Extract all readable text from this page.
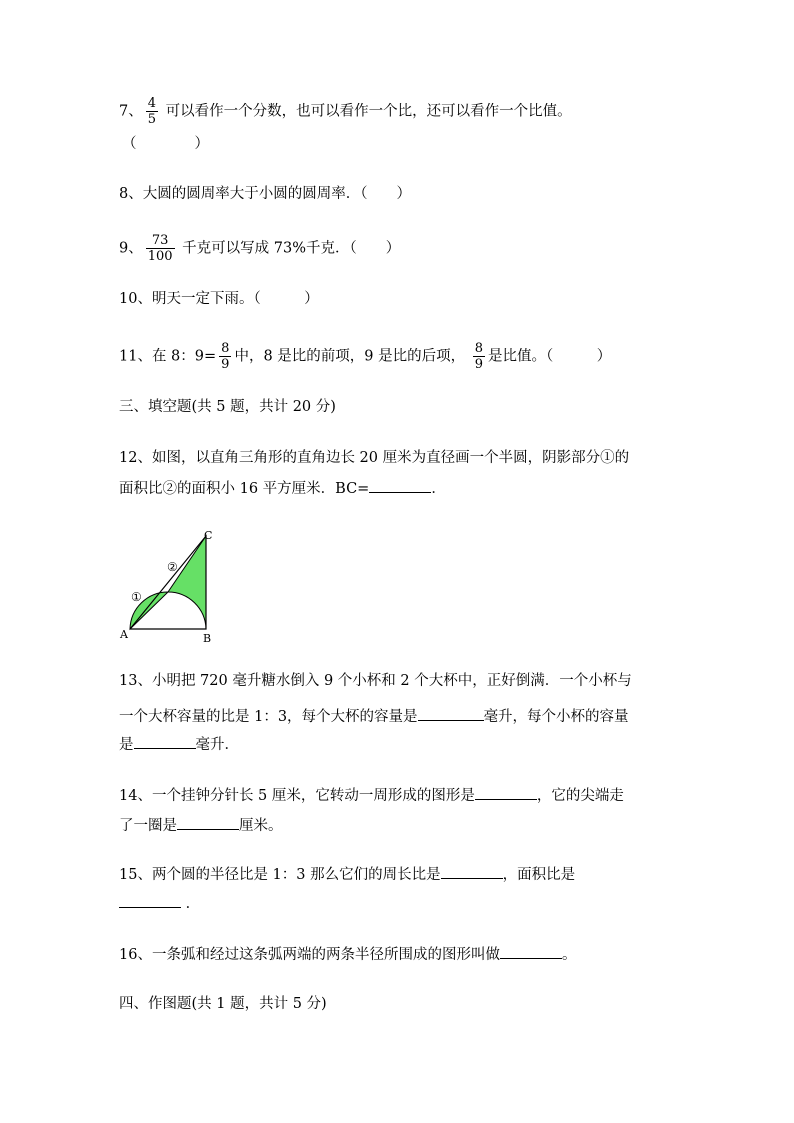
7、 $\frac{4}{5}$ 可以看作一个分数，也可以看作一个比，还可以看作一个比值。
（　　　　）
8、大圆的圆周率大于小圆的圆周率．（　　）
9、 $\frac{73}{100}$ 千克可以写成 73%千克．（　　）
10、明天一定下雨。（　　　）
11、在 8：$9= \frac{8}{9}$ 中，8 是比的前项，9 是比的后项， $\frac{8}{9}$ 是比值。（　　　）
三、填空题(共 5 题，共计 20 分)
12、如图，以直角三角形的直角边长 20 厘米为直径画一个半圆，阴影部分①的
面积比②的面积小 16 平方厘米．BC=	．
A	B
C
①
②
13、小明把 720 毫升糖水倒入 9 个小杯和 2 个大杯中，正好倒满．一个小杯与
一个大杯容量的比是 1：3，每个大杯的容量是	毫升，每个小杯的容量
是	毫升．
14、一个挂钟分针长 5 厘米，它转动一周形成的图形是	，它的尖端走
了一圈是	厘米。
15、两个圆的半径比是 1：3 那么它们的周长比是	，面积比是
．
16、一条弧和经过这条弧两端的两条半径所围成的图形叫做	。
四、作图题(共 1 题，共计 5 分)
